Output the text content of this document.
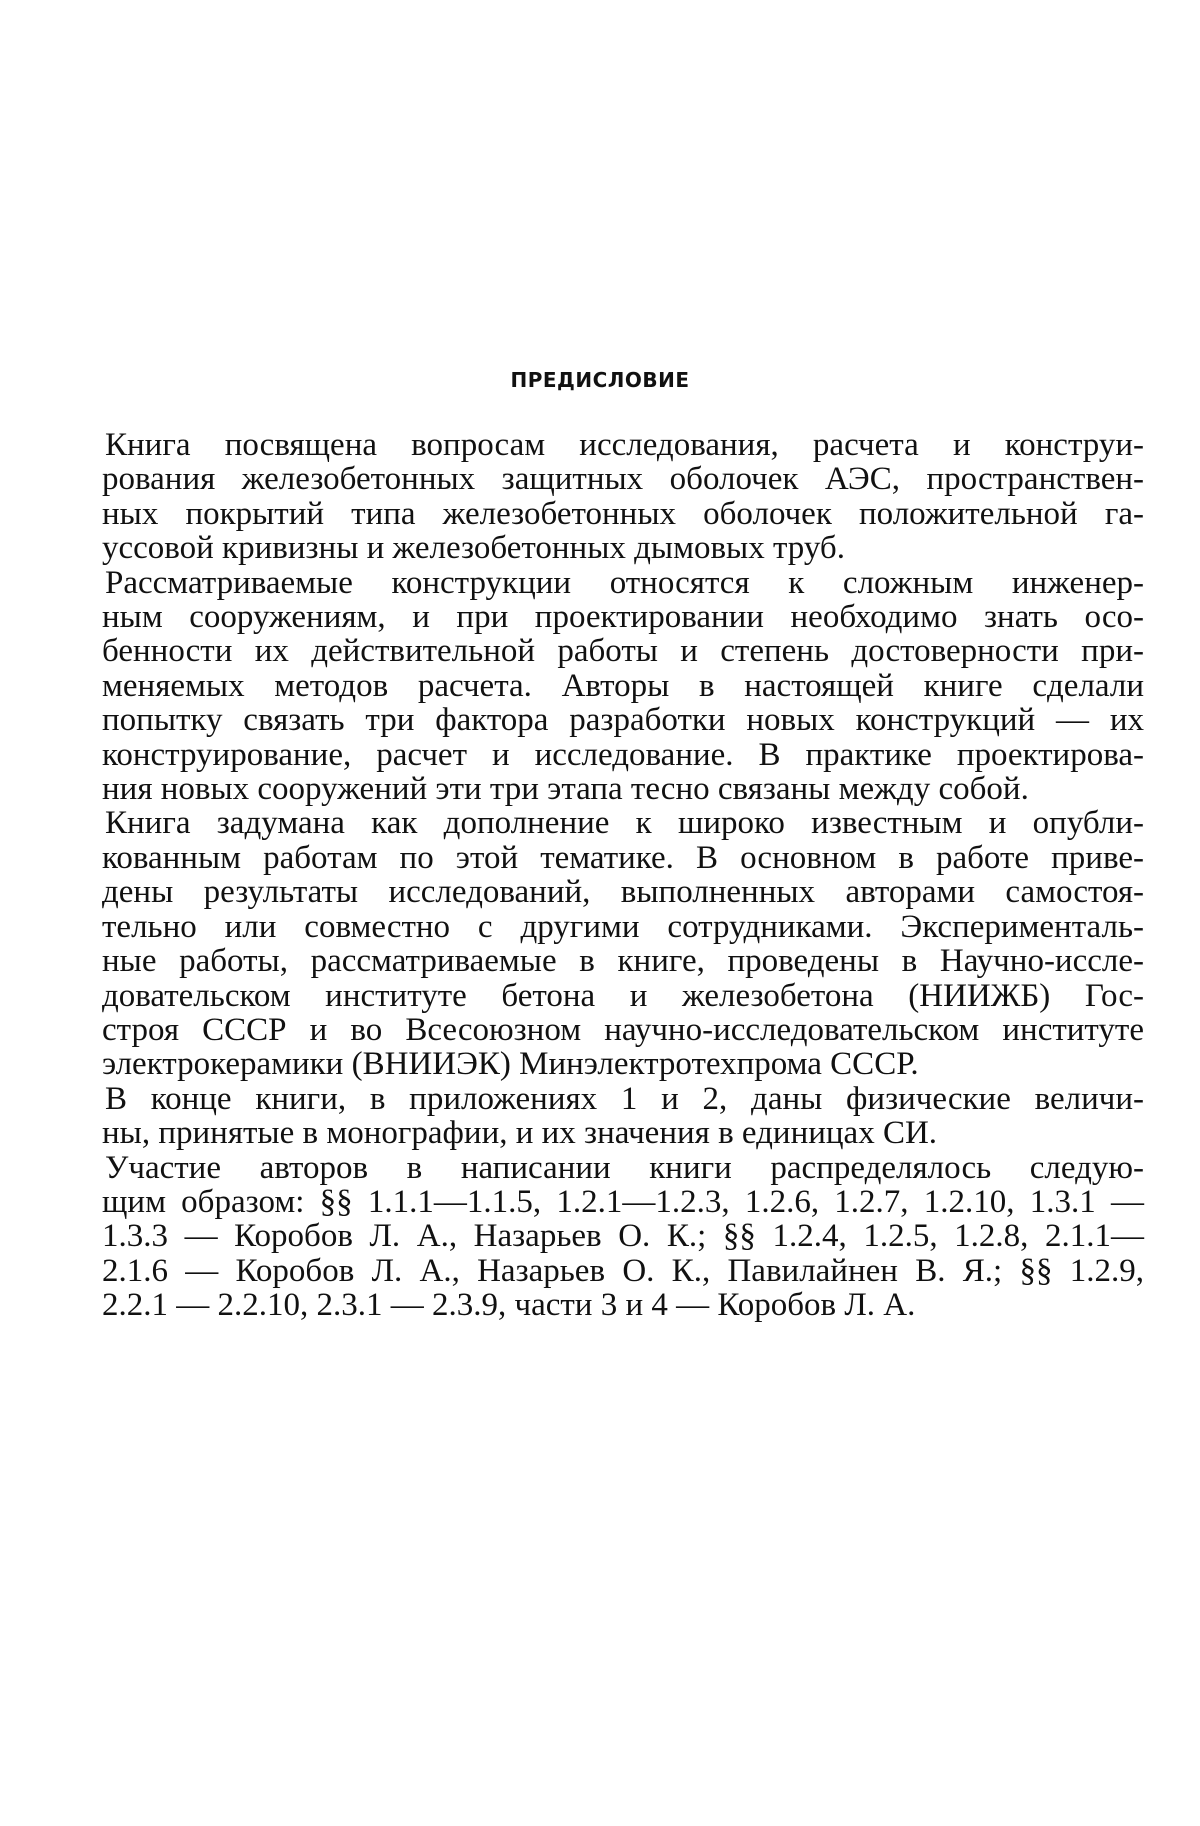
ПРЕДИСЛОВИЕ

Книга посвящена вопросам исследования, расчета и конструи-
рования железобетонных защитных оболочек АЭС, пространствен-
ных покрытий типа железобетонных оболочек положительной га-
уссовой кривизны и железобетонных дымовых труб.

Рассматриваемые конструкции относятся к сложным инженер-
ным сооружениям, и при проектировании необходимо знать осо-
бенности их действительной работы и степень достоверности при-
меняемых методов расчета. Авторы в настоящей книге сделали
попытку связать три фактора разработки новых конструкций — их
конструирование, расчет и исследование. В практике проектирова-
ния новых сооружений эти три этапа тесно связаны между собой.

Книга задумана как дополнение к широко известным и опубли-
кованным работам по этой тематике. В основном в работе приве-
дены результаты исследований, выполненных авторами самостоя-
тельно или совместно с другими сотрудниками. Эксперименталь-
ные работы, рассматриваемые в книге, проведены в Научно-иссле-
довательском институте бетона и железобетона (НИИЖБ) Гос-
строя СССР и во Всесоюзном научно-исследовательском институте
электрокерамики (ВНИИЭК) Минэлектротехпрома СССР.

В конце книги, в приложениях 1 и 2, даны физические величи-
ны, принятые в монографии, и их значения в единицах СИ.

Участие авторов в написании книги распределялось следую-
щим образом: §§ 1.1.1—1.1.5, 1.2.1—1.2.3, 1.2.6, 1.2.7, 1.2.10, 1.3.1 —
1.3.3 — Коробов Л. А., Назарьев О. К.; §§ 1.2.4, 1.2.5, 1.2.8, 2.1.1—
2.1.6 — Коробов Л. А., Назарьев О. К., Павилайнен В. Я.; §§ 1.2.9,
2.2.1 — 2.2.10, 2.3.1 — 2.3.9, части 3 и 4 — Коробов Л. А.
